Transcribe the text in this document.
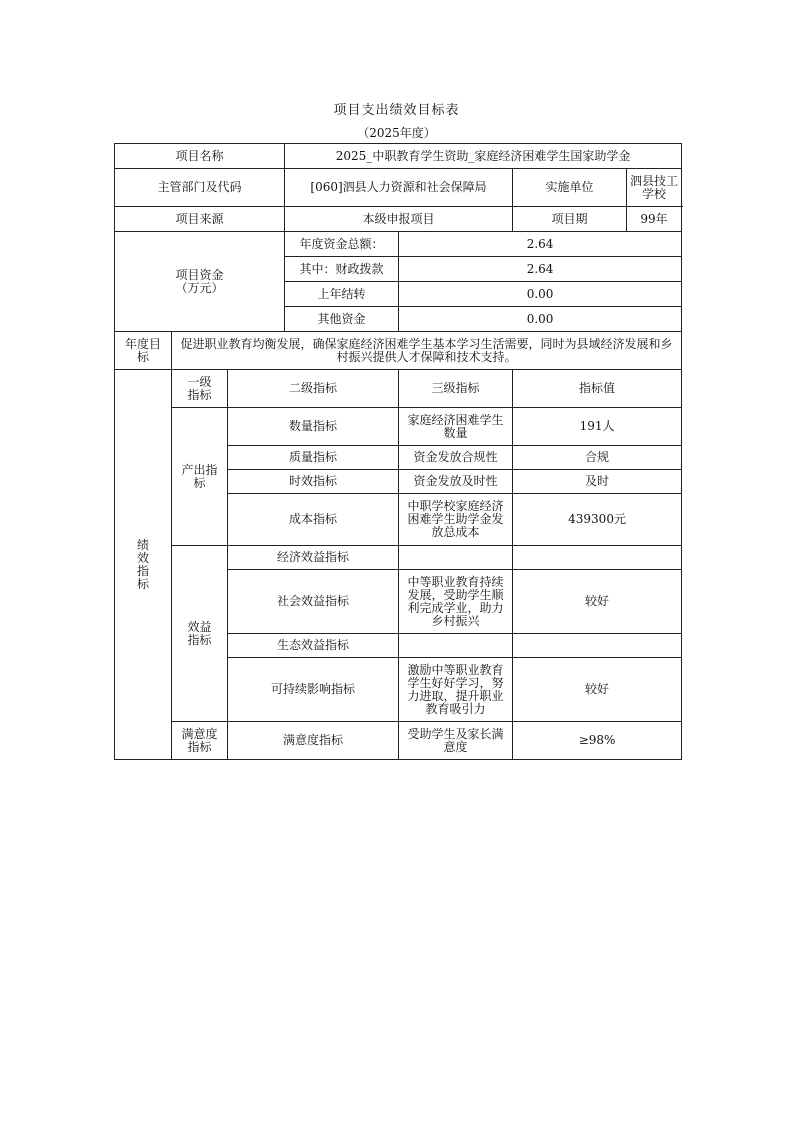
项目支出绩效目标表
（2025年度）
项目名称			2025_中职教育学生资助_家庭经济困难学生国家助学金			
主管部门及代码			[060]泗县人力资源和社会保障局		实施单位	泗县技工学校
项目来源			本级申报项目		项目期	99年

项目资金
（万元）			年度资金总额：	2.64		
			其中：财政拨款	2.64		
			上年结转	0.00		
			其他资金	0.00		
年度目标	促进职业教育均衡发展，确保家庭经济困难学生基本学习生活需要，同时为县域经济发展和乡村振兴提供人才保障和技术支持。					
绩效指标	一级指标	二级指标		三级指标	指标值	
	产出指标	数量指标		家庭经济困难学生数量	191人	
		质量指标		资金发放合规性	合规	
		时效指标		资金发放及时性	及时	
		成本指标		中职学校家庭经济困难学生助学金发放总成本	439300元	
	效益指标	经济效益指标				
		社会效益指标		中等职业教育持续发展，受助学生顺利完成学业，助力乡村振兴	较好	
		生态效益指标				
		可持续影响指标		激励中等职业教育学生好好学习，努力进取，提升职业教育吸引力	较好	
	满意度指标	满意度指标		受助学生及家长满意度	≥98%	
